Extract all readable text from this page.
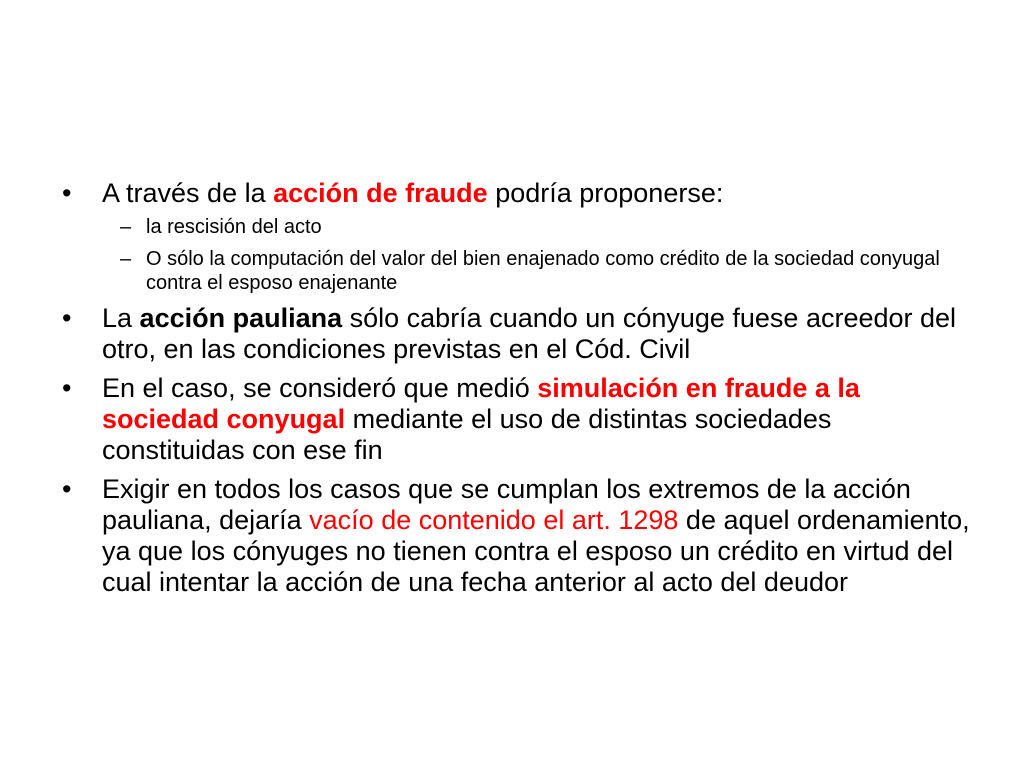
• A través de la acción de fraude podría proponerse:
– la rescisión del acto
– O sólo la computación del valor del bien enajenado como crédito de la sociedad conyugal contra el esposo enajenante
• La acción pauliana sólo cabría cuando un cónyuge fuese acreedor del otro, en las condiciones previstas en el Cód. Civil
• En el caso, se consideró que medió simulación en fraude a la sociedad conyugal mediante el uso de distintas sociedades constituidas con ese fin
• Exigir en todos los casos que se cumplan los extremos de la acción pauliana, dejaría vacío de contenido el art. 1298 de aquel ordenamiento, ya que los cónyuges no tienen contra el esposo un crédito en virtud del cual intentar la acción de una fecha anterior al acto del deudor
